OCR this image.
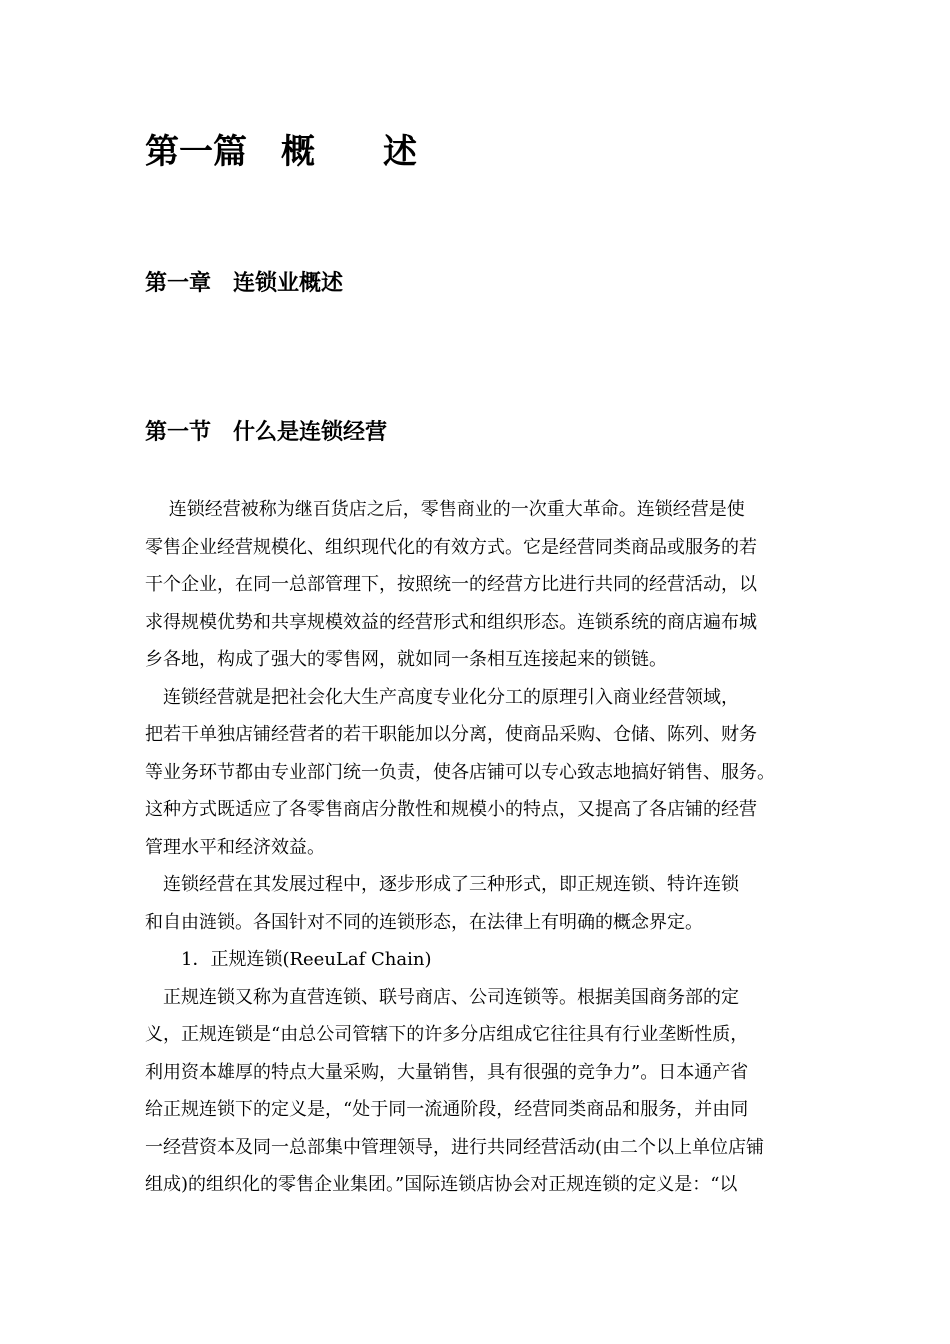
第一篇　概　　述
第一章　连锁业概述
第一节　什么是连锁经营
　 连锁经营被称为继百货店之后，零售商业的一次重大革命。连锁经营是使
零售企业经营规模化、组织现代化的有效方式。它是经营同类商品或服务的若
干个企业，在同一总部管理下，按照统一的经营方比进行共同的经营活动，以
求得规模优势和共享规模效益的经营形式和组织形态。连锁系统的商店遍布城
乡各地，构成了强大的零售网，就如同一条相互连接起来的锁链。
　连锁经营就是把社会化大生产高度专业化分工的原理引入商业经营领域，
把若干单独店铺经营者的若干职能加以分离，使商品采购、仓储、陈列、财务
等业务环节都由专业部门统一负责，使各店铺可以专心致志地搞好销售、服务。
这种方式既适应了各零售商店分散性和规模小的特点，又提高了各店铺的经营
管理水平和经济效益。
　连锁经营在其发展过程中，逐步形成了三种形式，即正规连锁、特许连锁
和自由涟锁。各国针对不同的连锁形态，在法律上有明确的概念界定。
　　1．正规连锁(ReeuLaf Chain)
　正规连锁又称为直营连锁、联号商店、公司连锁等。根据美国商务部的定
义，正规连锁是“由总公司管辖下的许多分店组成它往往具有行业垄断性质，
利用资本雄厚的特点大量采购，大量销售，具有很强的竞争力”。日本通产省
给正规连锁下的定义是，“处于同一流通阶段，经营同类商品和服务，并由同
一经营资本及同一总部集中管理领导，进行共同经营活动(由二个以上单位店铺
组成)的组织化的零售企业集团。”国际连锁店协会对正规连锁的定义是：“以
